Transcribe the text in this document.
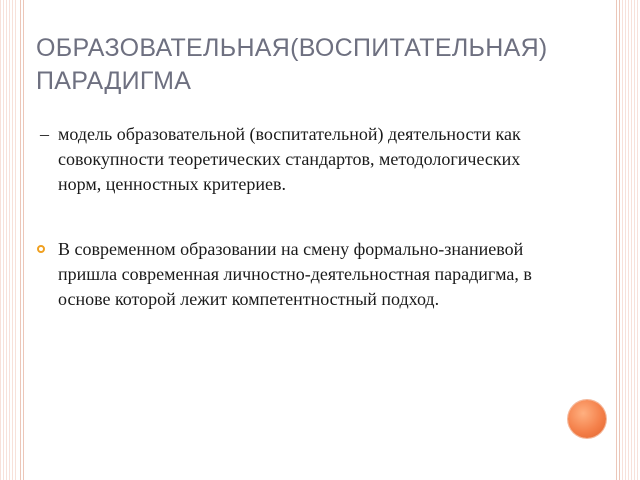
ОБРАЗОВАТЕЛЬНАЯ(ВОСПИТАТЕЛЬНАЯ) ПАРАДИГМА

– модель образовательной (воспитательной) деятельности как совокупности теоретических стандартов, методологических норм, ценностных критериев.

В современном образовании на смену формально-знаниевой пришла современная личностно-деятельностная парадигма, в основе которой лежит компетентностный подход.
